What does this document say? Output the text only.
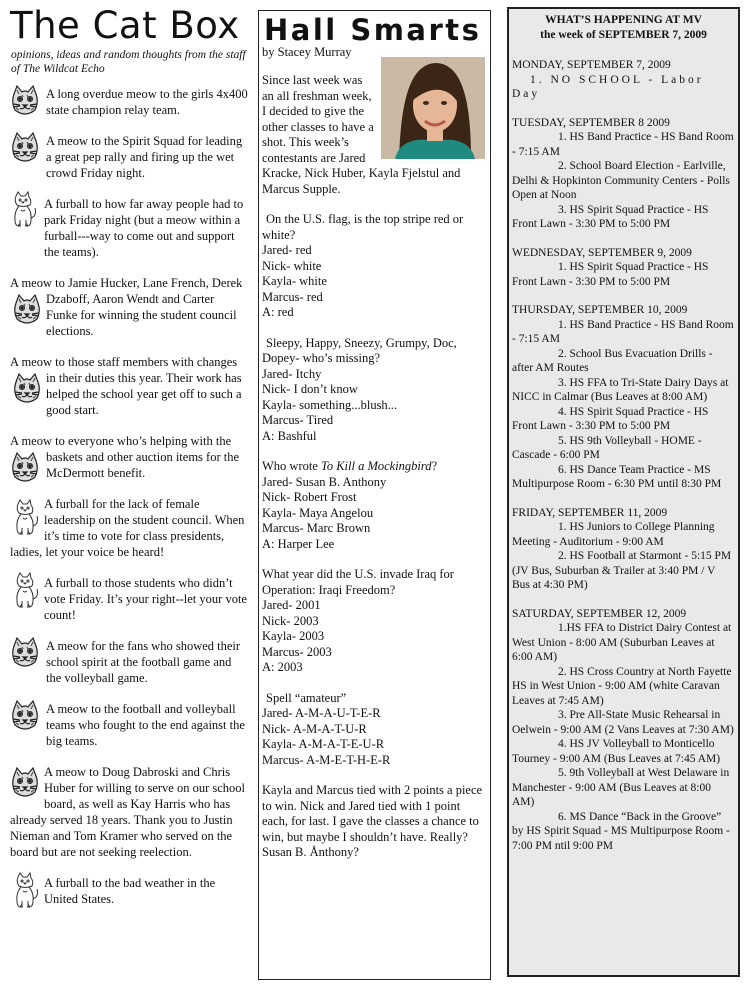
The Cat Box
opinions, ideas and random thoughts from the staff of The Wildcat Echo
A long overdue meow to the girls 4x400 state champion relay team.
A meow to the Spirit Squad for leading a great pep rally and firing up the wet crowd Friday night.
A furball to how far away people had to park Friday night (but a meow within a furball---way to come out and support the teams).
A meow to Jamie Hucker, Lane French, Derek Dzaboff, Aaron Wendt and Carter Funke for winning the student council elections.
A meow to those staff members with changes in their duties this year. Their work has helped the school year get off to such a good start.
A meow to everyone who’s helping with the baskets and other auction items for the McDermott benefit.
A furball for the lack of female leadership on the student council. When it’s time to vote for class presidents, ladies, let your voice be heard!
A furball to those students who didn’t vote Friday. It’s your right--let your vote count!
A meow for the fans who showed their school spirit at the football game and the volleyball game.
A meow to the football and volleyball teams who fought to the end against the big teams.
A meow to Doug Dabroski and Chris Huber for willing to serve on our school board, as well as Kay Harris who has already served 18 years. Thank you to Justin Nieman and Tom Kramer who served on the board but are not seeking reelection.
A furball to the bad weather in the United States.
Hall Smarts
by Stacey Murray
Since last week was an all freshman week, I decided to give the other classes to have a shot. This week’s contestants are Jared Kracke, Nick Huber, Kayla Fjelstul and Marcus Supple.
On the U.S. flag, is the top stripe red or white?
Jared- red
Nick- white
Kayla- white
Marcus- red
A: red
Sleepy, Happy, Sneezy, Grumpy, Doc, Dopey- who’s missing?
Jared- Itchy
Nick- I don’t know
Kayla- something...blush...
Marcus- Tired
A: Bashful
Who wrote To Kill a Mockingbird?
Jared- Susan B. Anthony
Nick- Robert Frost
Kayla- Maya Angelou
Marcus- Marc Brown
A: Harper Lee
What year did the U.S. invade Iraq for Operation: Iraqi Freedom?
Jared- 2001
Nick- 2003
Kayla- 2003
Marcus- 2003
A: 2003
Spell “amateur”
Jared- A-M-A-U-T-E-R
Nick- A-M-A-T-U-R
Kayla- A-M-A-T-E-U-R
Marcus- A-M-E-T-H-E-R
Kayla and Marcus tied with 2 points a piece to win. Nick and Jared tied with 1 point each, for last. I gave the classes a chance to win, but maybe I shouldn’t have. Really? Susan B. Ånthony?
WHAT’S HAPPENING AT MV
the week of SEPTEMBER 7, 2009
MONDAY, SEPTEMBER 7, 2009
1. NO SCHOOL - Labor Day
TUESDAY, SEPTEMBER 8 2009
1. HS Band Practice - HS Band Room - 7:15 AM
2. School Board Election - Earlville, Delhi & Hopkinton Community Centers - Polls Open at Noon
3. HS Spirit Squad Practice - HS Front Lawn - 3:30 PM to 5:00 PM
WEDNESDAY, SEPTEMBER 9, 2009
1. HS Spirit Squad Practice - HS Front Lawn - 3:30 PM to 5:00 PM
THURSDAY, SEPTEMBER 10, 2009
1. HS Band Practice - HS Band Room - 7:15 AM
2. School Bus Evacuation Drills - after AM Routes
3. HS FFA to Tri-State Dairy Days at NICC in Calmar (Bus Leaves at 8:00 AM)
4. HS Spirit Squad Practice - HS Front Lawn - 3:30 PM to 5:00 PM
5. HS 9th Volleyball - HOME - Cascade - 6:00 PM
6. HS Dance Team Practice - MS Multipurpose Room - 6:30 PM until 8:30 PM
FRIDAY, SEPTEMBER 11, 2009
1. HS Juniors to College Planning Meeting - Auditorium - 9:00 AM
2. HS Football at Starmont - 5:15 PM (JV Bus, Suburban & Trailer at 3:40 PM / V Bus at 4:30 PM)
SATURDAY, SEPTEMBER 12, 2009
1.HS FFA to District Dairy Contest at West Union - 8:00 AM (Suburban Leaves at 6:00 AM)
2. HS Cross Country at North Fayette HS in West Union - 9:00 AM (white Caravan Leaves at 7:45 AM)
3. Pre All-State Music Rehearsal in Oelwein - 9:00 AM (2 Vans Leaves at 7:30 AM)
4. HS JV Volleyball to Monticello Tourney - 9:00 AM (Bus Leaves at 7:45 AM)
5. 9th Volleyball at West Delaware in Manchester - 9:00 AM (Bus Leaves at 8:00 AM)
6. MS Dance “Back in the Groove” by HS Spirit Squad - MS Multipurpose Room - 7:00 PM ntil 9:00 PM
